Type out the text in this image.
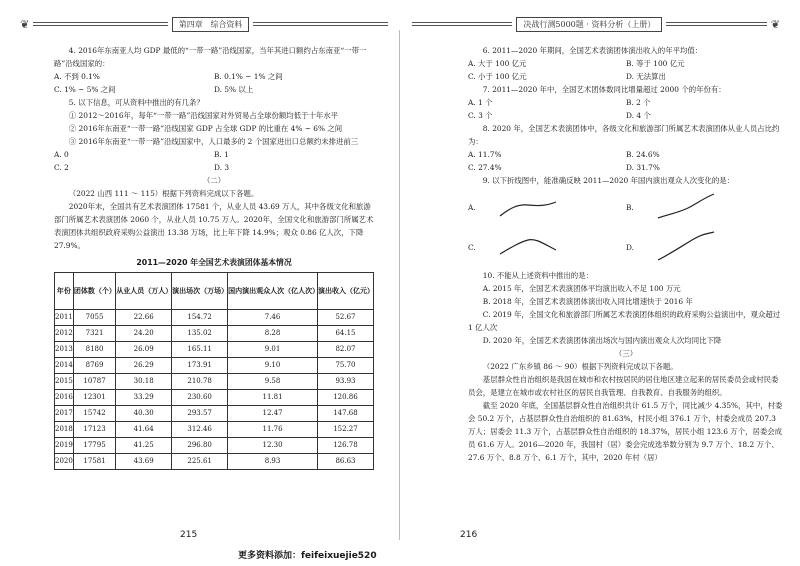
❦	第四章 综合资料

4. 2016年东南亚人均 GDP 最低的“一带一路”沿线国家，当年其进口额约占东南亚“一带一路”沿线国家的：

A. 不到 0.1%	B. 0.1% ~ 1% 之间
C. 1% ~ 5% 之间	D. 5% 以上

5. 以下信息，可从资料中推出的有几条？

① 2012～2016年，每年“一带一路”沿线国家对外贸易占全球份额均低于十年水平

② 2016年东南亚“一带一路”沿线国家 GDP 占全球 GDP 的比重在 4% ~ 6% 之间

③ 2016年东南亚“一带一路”沿线国家中，人口最多的 2 个国家进出口总额约未排进前三

A. 0	B. 1
C. 2	D. 3

（二）

（2022 山西 111 ～ 115）根据下列资料完成以下各题。

2020年末，全国共有艺术表演团体 17581 个，从业人员 43.69 万人，其中各级文化和旅游部门所属艺术表演团体 2060 个，从业人员 10.75 万人。2020年，全国文化和旅游部门所属艺术表演团体共组织政府采购公益演出 13.38 万场，比上年下降 14.9%；观众 0.86 亿人次，下降 27.9%。

2011—2020 年全国艺术表演团体基本情况
年份	团体数（个）	从业人员（万人）	演出场次（万场）	国内演出观众人次（亿人次）	演出收入（亿元）
2011	7055	22.66	154.72	7.46	52.67
2012	7321	24.20	135.02	8.28	64.15
2013	8180	26.09	165.11	9.01	82.07
2014	8769	26.29	173.91	9.10	75.70
2015	10787	30.18	210.78	9.58	93.93
2016	12301	33.29	230.60	11.81	120.86
2017	15742	40.30	293.57	12.47	147.68
2018	17123	41.64	312.46	11.76	152.27
2019	17795	41.25	296.80	12.30	126.78
2020	17581	43.69	225.61	8.93	86.63
215
决战行测5000题 · 资料分析（上册）	❦

6. 2011—2020 年期间，全国艺术表演团体演出收入的年平均值：

A. 大于 100 亿元	B. 等于 100 亿元
C. 小于 100 亿元	D. 无法算出

7. 2011—2020 年中，全国艺术团体数同比增量超过 2000 个的年份有：

A. 1 个	B. 2 个
C. 3 个	D. 4 个

8. 2020 年，全国艺术表演团体中，各级文化和旅游部门所属艺术表演团体从业人员占比约为：

A. 11.7%	B. 24.6%
C. 27.4%	D. 31.7%

9. 以下折线图中，能准确反映 2011—2020 年国内演出观众人次变化的是：

A.	B.
C.	D.

10. 不能从上述资料中推出的是：

A. 2015 年，全国艺术表演团体平均演出收入不足 100 万元

B. 2018 年，全国艺术表演团体演出收入同比增速快于 2016 年

C. 2019 年，全国文化和旅游部门所属艺术表演团体组织的政府采购公益演出中，观众超过 1 亿人次

D. 2020 年，全国艺术表演团体演出场次与国内演出观众人次均同比下降

（三）

（2022 广东乡镇 86 ～ 90）根据下列资料完成以下各题。

基层群众性自治组织是我国在城市和农村按居民的居住地区建立起来的居民委员会或村民委员会，是建立在城市或农村社区的居民自我管理、自我教育、自我服务的组织。

截至 2020 年底，全国基层群众性自治组织共计 61.5 万个，同比减少 4.35%，其中，村委会 50.2 万个，占基层群众性自治组织的 81.63%，村民小组 376.1 万个，村委会成员 207.3 万人；居委会 11.3 万个，占基层群众性自治组织的 18.37%，居民小组 123.6 万个，居委会成员 61.6 万人。2016—2020 年，我国村（居）委会完成选举数分别为 9.7 万个、18.2 万个、27.6 万个、8.8 万个、6.1 万个，其中，2020 年村（居）

216
更多资料添加：feifeixuejie520
